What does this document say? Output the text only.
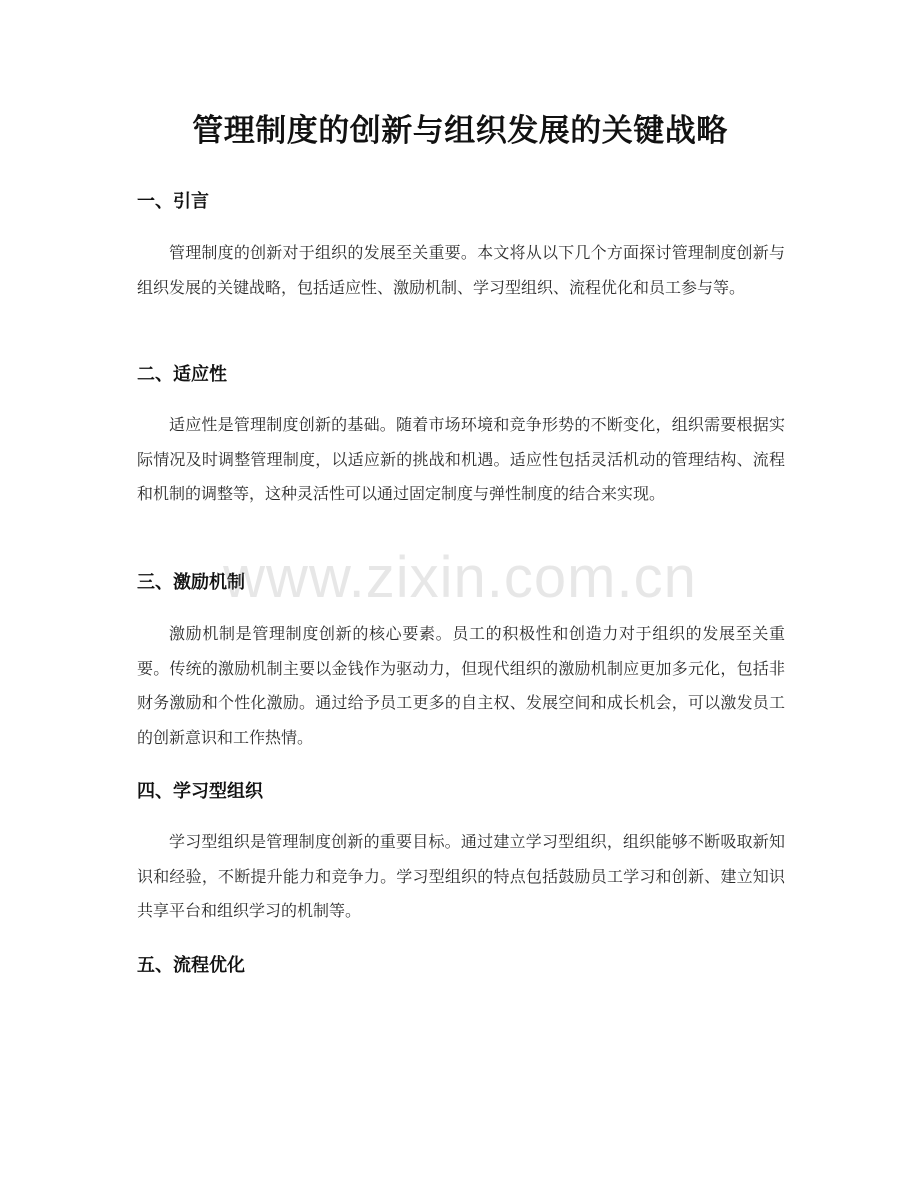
管理制度的创新与组织发展的关键战略
一、引言
管理制度的创新对于组织的发展至关重要。本文将从以下几个方面探讨管理制度创新与组织发展的关键战略，包括适应性、激励机制、学习型组织、流程优化和员工参与等。
二、适应性
适应性是管理制度创新的基础。随着市场环境和竞争形势的不断变化，组织需要根据实际情况及时调整管理制度，以适应新的挑战和机遇。适应性包括灵活机动的管理结构、流程和机制的调整等，这种灵活性可以通过固定制度与弹性制度的结合来实现。
三、激励机制
激励机制是管理制度创新的核心要素。员工的积极性和创造力对于组织的发展至关重要。传统的激励机制主要以金钱作为驱动力，但现代组织的激励机制应更加多元化，包括非财务激励和个性化激励。通过给予员工更多的自主权、发展空间和成长机会，可以激发员工的创新意识和工作热情。
四、学习型组织
学习型组织是管理制度创新的重要目标。通过建立学习型组织，组织能够不断吸取新知识和经验，不断提升能力和竞争力。学习型组织的特点包括鼓励员工学习和创新、建立知识共享平台和组织学习的机制等。
五、流程优化
www.zixin.com.cn
